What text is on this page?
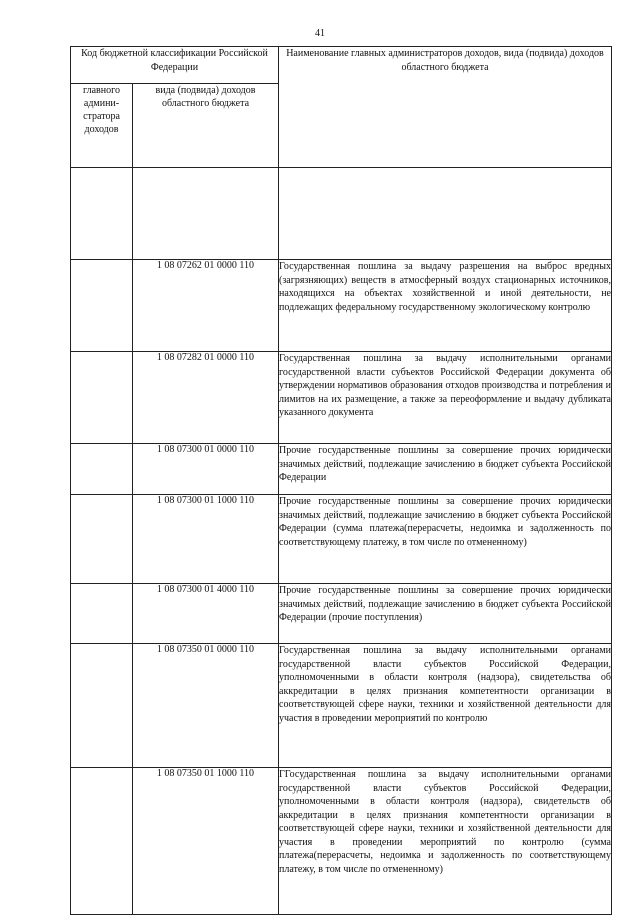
41
Код бюджетной классификации Российской Федерации		Наименование главных администраторов доходов, вида (подвида) доходов областного бюджета
главного админи-стратора доходов	вида (подвида) доходов областного бюджета	

	1 08 07262 01 0000 110	Государственная пошлина за выдачу разрешения на выброс вредных (загрязняющих) веществ в атмосферный воздух стационарных источников, находящихся на объектах хозяйственной и иной деятельности, не подлежащих федеральному государственному экологическому контролю
	1 08 07282 01 0000 110	Государственная пошлина за выдачу исполнительными органами государственной власти субъектов Российской Федерации документа об утверждении нормативов образования отходов производства и потребления и лимитов на их размещение, а также за переоформление и выдачу дубликата указанного документа
	1 08 07300 01 0000 110	Прочие государственные пошлины за совершение прочих юридически значимых действий, подлежащие зачислению в бюджет субъекта Российской Федерации
	1 08 07300 01 1000 110	Прочие государственные пошлины за совершение прочих юридически значимых действий, подлежащие зачислению в бюджет субъекта Российской Федерации (сумма платежа(перерасчеты, недоимка и задолженность по соответствующему платежу, в том числе по отмененному)
	1 08 07300 01 4000 110	Прочие государственные пошлины за совершение прочих юридически значимых действий, подлежащие зачислению в бюджет субъекта Российской Федерации (прочие поступления)
	1 08 07350 01 0000 110	Государственная пошлина за выдачу исполнительными органами государственной власти субъектов Российской Федерации, уполномоченными в области контроля (надзора), свидетельства об аккредитации в целях признания компетентности организации в соответствующей сфере науки, техники и хозяйственной деятельности для участия в проведении мероприятий по контролю
	1 08 07350 01 1000 110	ГГосударственная пошлина за выдачу исполнительными органами государственной власти субъектов Российской Федерации, уполномоченными в области контроля (надзора), свидетельств об аккредитации в целях признания компетентности организации в соответствующей сфере науки, техники и хозяйственной деятельности для участия в проведении мероприятий по контролю (сумма платежа(перерасчеты, недоимка и задолженность по соответствующему платежу, в том числе по отмененному)
